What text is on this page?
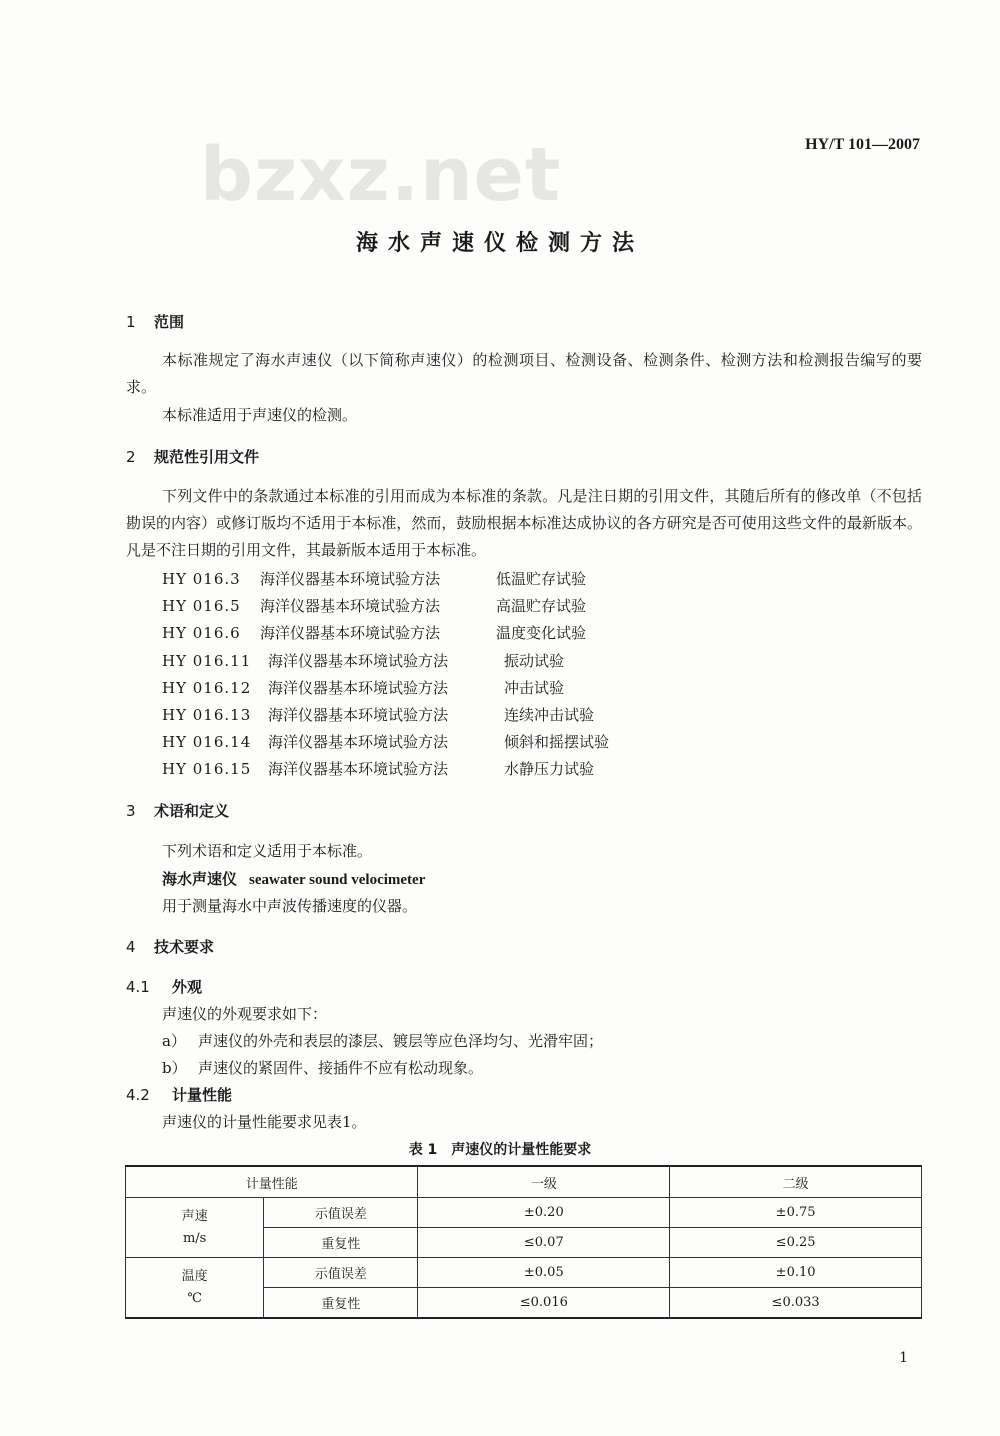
bzxz.net	HY/T 101—2007
海水声速仪检测方法
1 范围
本标准规定了海水声速仪（以下简称声速仪）的检测项目、检测设备、检测条件、检测方法和检测报告编写的要求。
本标准适用于声速仪的检测。
2 规范性引用文件
下列文件中的条款通过本标准的引用而成为本标准的条款。凡是注日期的引用文件，其随后所有的修改单（不包括勘误的内容）或修订版均不适用于本标准，然而，鼓励根据本标准达成协议的各方研究是否可使用这些文件的最新版本。凡是不注日期的引用文件，其最新版本适用于本标准。
HY 016.3 海洋仪器基本环境试验方法	低温贮存试验
HY 016.5 海洋仪器基本环境试验方法	高温贮存试验
HY 016.6 海洋仪器基本环境试验方法	温度变化试验
HY 016.11 海洋仪器基本环境试验方法	振动试验
HY 016.12 海洋仪器基本环境试验方法	冲击试验
HY 016.13 海洋仪器基本环境试验方法	连续冲击试验
HY 016.14 海洋仪器基本环境试验方法	倾斜和摇摆试验
HY 016.15 海洋仪器基本环境试验方法	水静压力试验
3 术语和定义
下列术语和定义适用于本标准。
海水声速仪 seawater sound velocimeter
用于测量海水中声波传播速度的仪器。
4 技术要求
4.1 外观
声速仪的外观要求如下：
a） 声速仪的外壳和表层的漆层、镀层等应色泽均匀、光滑牢固；
b） 声速仪的紧固件、接插件不应有松动现象。
4.2 计量性能
声速仪的计量性能要求见表1。
表 1　声速仪的计量性能要求
计量性能		一级	二级

声速
m/s	示值误差	±0.20	±0.75
	重复性	≤0.07	≤0.25

温度
℃	示值误差	±0.05	±0.10
	重复性	≤0.016	≤0.033
1
